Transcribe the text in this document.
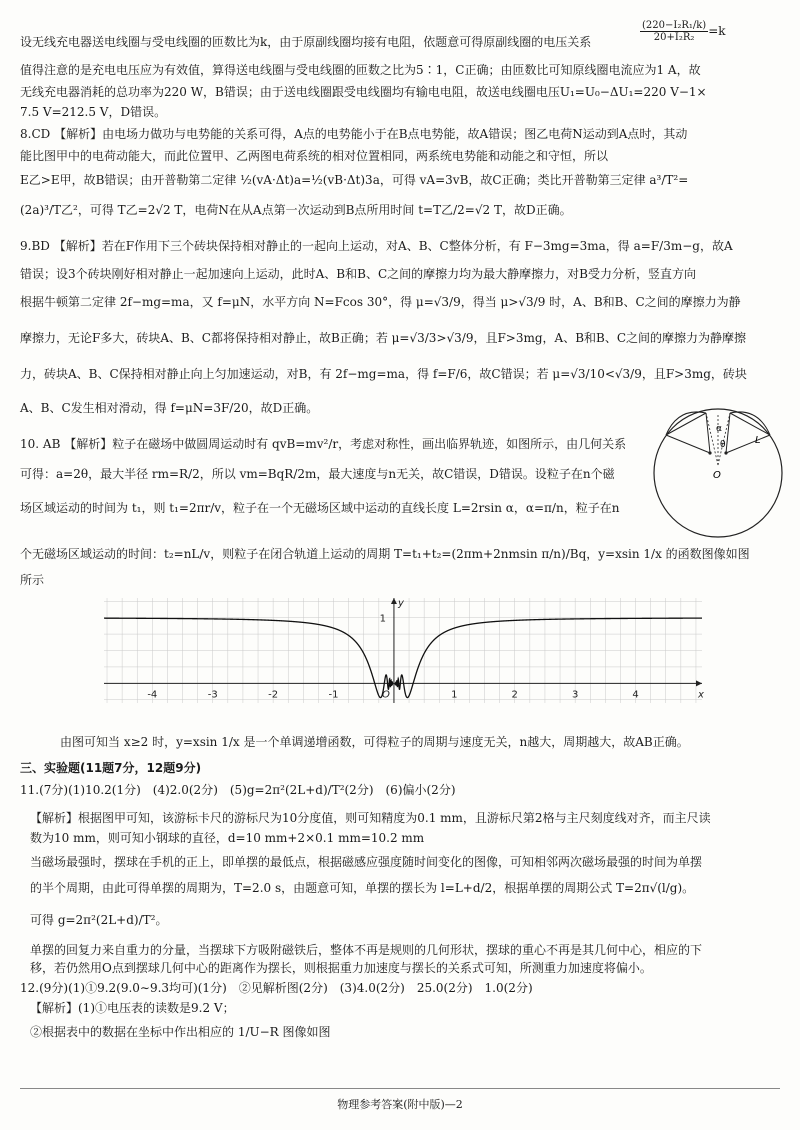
设无线充电器送电线圈与受电线圈的匝数比为k，由于原副线圈均接有电阻，依题意可得原副线圈的电压关系	$\frac{\text{(220−I₂R₁/k)}}{\text{20+I₂R₂}} =k$
值得注意的是充电电压应为有效值，算得送电线圈与受电线圈的匝数之比为5∶1，C正确；由匝数比可知原线圈电流应为1 A，故
无线充电器消耗的总功率为220 W，B错误；由于送电线圈跟受电线圈均有输电电阻，故送电线圈电压U₁=U₀−ΔU₁=220 V−1×
7.5 V=212.5 V，D错误。
8.CD 【解析】由电场力做功与电势能的关系可得，A点的电势能小于在B点电势能，故A错误；图乙电荷N运动到A点时，其动
能比图甲中的电荷动能大，而此位置甲、乙两图电荷系统的相对位置相同，两系统电势能和动能之和守恒，所以
E乙>E甲，故B错误；由开普勒第二定律 ½(vA·Δt)a=½(vB·Δt)3a，可得 vA=3vB，故C正确；类比开普勒第三定律 a³/T²=
(2a)³/T乙²，可得 T乙=2√2 T，电荷N在从A点第一次运动到B点所用时间 t=T乙/2=√2 T，故D正确。
9.BD 【解析】若在F作用下三个砖块保持相对静止的一起向上运动，对A、B、C整体分析，有 F−3mg=3ma，得 a=F/3m−g，故A
错误；设3个砖块刚好相对静止一起加速向上运动，此时A、B和B、C之间的摩擦力均为最大静摩擦力，对B受力分析，竖直方向
根据牛顿第二定律 2f−mg=ma，又 f=μN，水平方向 N=Fcos 30°，得 μ=√3/9，得当 μ>√3/9 时，A、B和B、C之间的摩擦力为静
摩擦力，无论F多大，砖块A、B、C都将保持相对静止，故B正确；若 μ=√3/3>√3/9，且F>3mg，A、B和B、C之间的摩擦力为静摩擦
力，砖块A、B、C保持相对静止向上匀加速运动，对B，有 2f−mg=ma，得 f=F/6，故C错误；若 μ=√3/10<√3/9，且F>3mg，砖块
A、B、C发生相对滑动，得 f=μN=3F/20，故D正确。
10. AB 【解析】粒子在磁场中做圆周运动时有 qvB=mv²/r，考虑对称性，画出临界轨迹，如图所示，由几何关系
可得：a=2θ，最大半径 rm=R/2，所以 vm=BqR/2m，最大速度与n无关，故C错误，D错误。设粒子在n个磁
场区域运动的时间为 t₁，则 t₁=2πr/v，粒子在一个无磁场区域中运动的直线长度 L=2rsin α，α=π/n，粒子在n
个无磁场区域运动的时间：t₂=nL/v，则粒子在闭合轨道上运动的周期 T=t₁+t₂=(2πm+2nmsin π/n)/Bq，y=xsin 1/x 的函数图像如图
所示
α
θ	L
O
-4	-3	-2	-1	1	2	3	4
1
x
y
O
由图可知当 x≥2 时，y=xsin 1/x 是一个单调递增函数，可得粒子的周期与速度无关，n越大，周期越大，故AB正确。
三、实验题(11题7分，12题9分)
11.(7分)(1)10.2(1分)　(4)2.0(2分)　(5)g=2π²(2L+d)/T²(2分)　(6)偏小(2分)
【解析】根据图甲可知，该游标卡尺的游标尺为10分度值，则可知精度为0.1 mm，且游标尺第2格与主尺刻度线对齐，而主尺读
数为10 mm，则可知小钢球的直径，d=10 mm+2×0.1 mm=10.2 mm
当磁场最强时，摆球在手机的正上，即单摆的最低点，根据磁感应强度随时间变化的图像，可知相邻两次磁场最强的时间为单摆
的半个周期，由此可得单摆的周期为，T=2.0 s，由题意可知，单摆的摆长为 l=L+d/2，根据单摆的周期公式 T=2π√(l/g)。
可得 g=2π²(2L+d)/T²。
单摆的回复力来自重力的分量，当摆球下方吸附磁铁后，整体不再是规则的几何形状，摆球的重心不再是其几何中心，相应的下
移，若仍然用O点到摆球几何中心的距离作为摆长，则根据重力加速度与摆长的关系式可知，所测重力加速度将偏小。
12.(9分)(1)①9.2(9.0∼9.3均可)(1分)　②见解析图(2分)　(3)4.0(2分)　25.0(2分)　1.0(2分)
【解析】(1)①电压表的读数是9.2 V；
②根据表中的数据在坐标中作出相应的 1/U−R 图像如图
物理参考答案(附中版)—2
